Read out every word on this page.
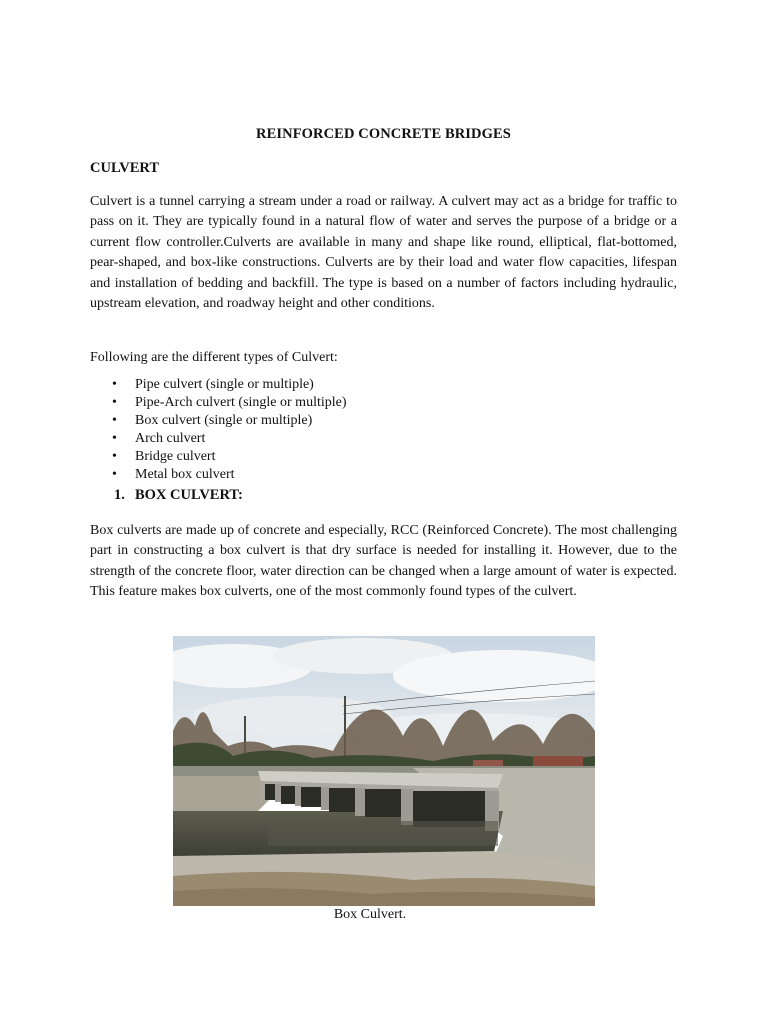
REINFORCED CONCRETE BRIDGES
CULVERT
Culvert is a tunnel carrying a stream under a road or railway. A culvert may act as a bridge for traffic to pass on it. They are typically found in a natural flow of water and serves the purpose of a bridge or a current flow controller.Culverts are available in many and shape like round, elliptical, flat-bottomed, pear-shaped, and box-like constructions. Culverts are by their load and water flow capacities, lifespan and installation of bedding and backfill. The type is based on a number of factors including hydraulic, upstream elevation, and roadway height and other conditions.
Following are the different types of Culvert:
• Pipe culvert (single or multiple)
• Pipe-Arch culvert (single or multiple)
• Box culvert (single or multiple)
• Arch culvert
• Bridge culvert
• Metal box culvert
1. BOX CULVERT:
Box culverts are made up of concrete and especially, RCC (Reinforced Concrete). The most challenging part in constructing a box culvert is that dry surface is needed for installing it. However, due to the strength of the concrete floor, water direction can be changed when a large amount of water is expected. This feature makes box culverts, one of the most commonly found types of the culvert.
Box Culvert.
